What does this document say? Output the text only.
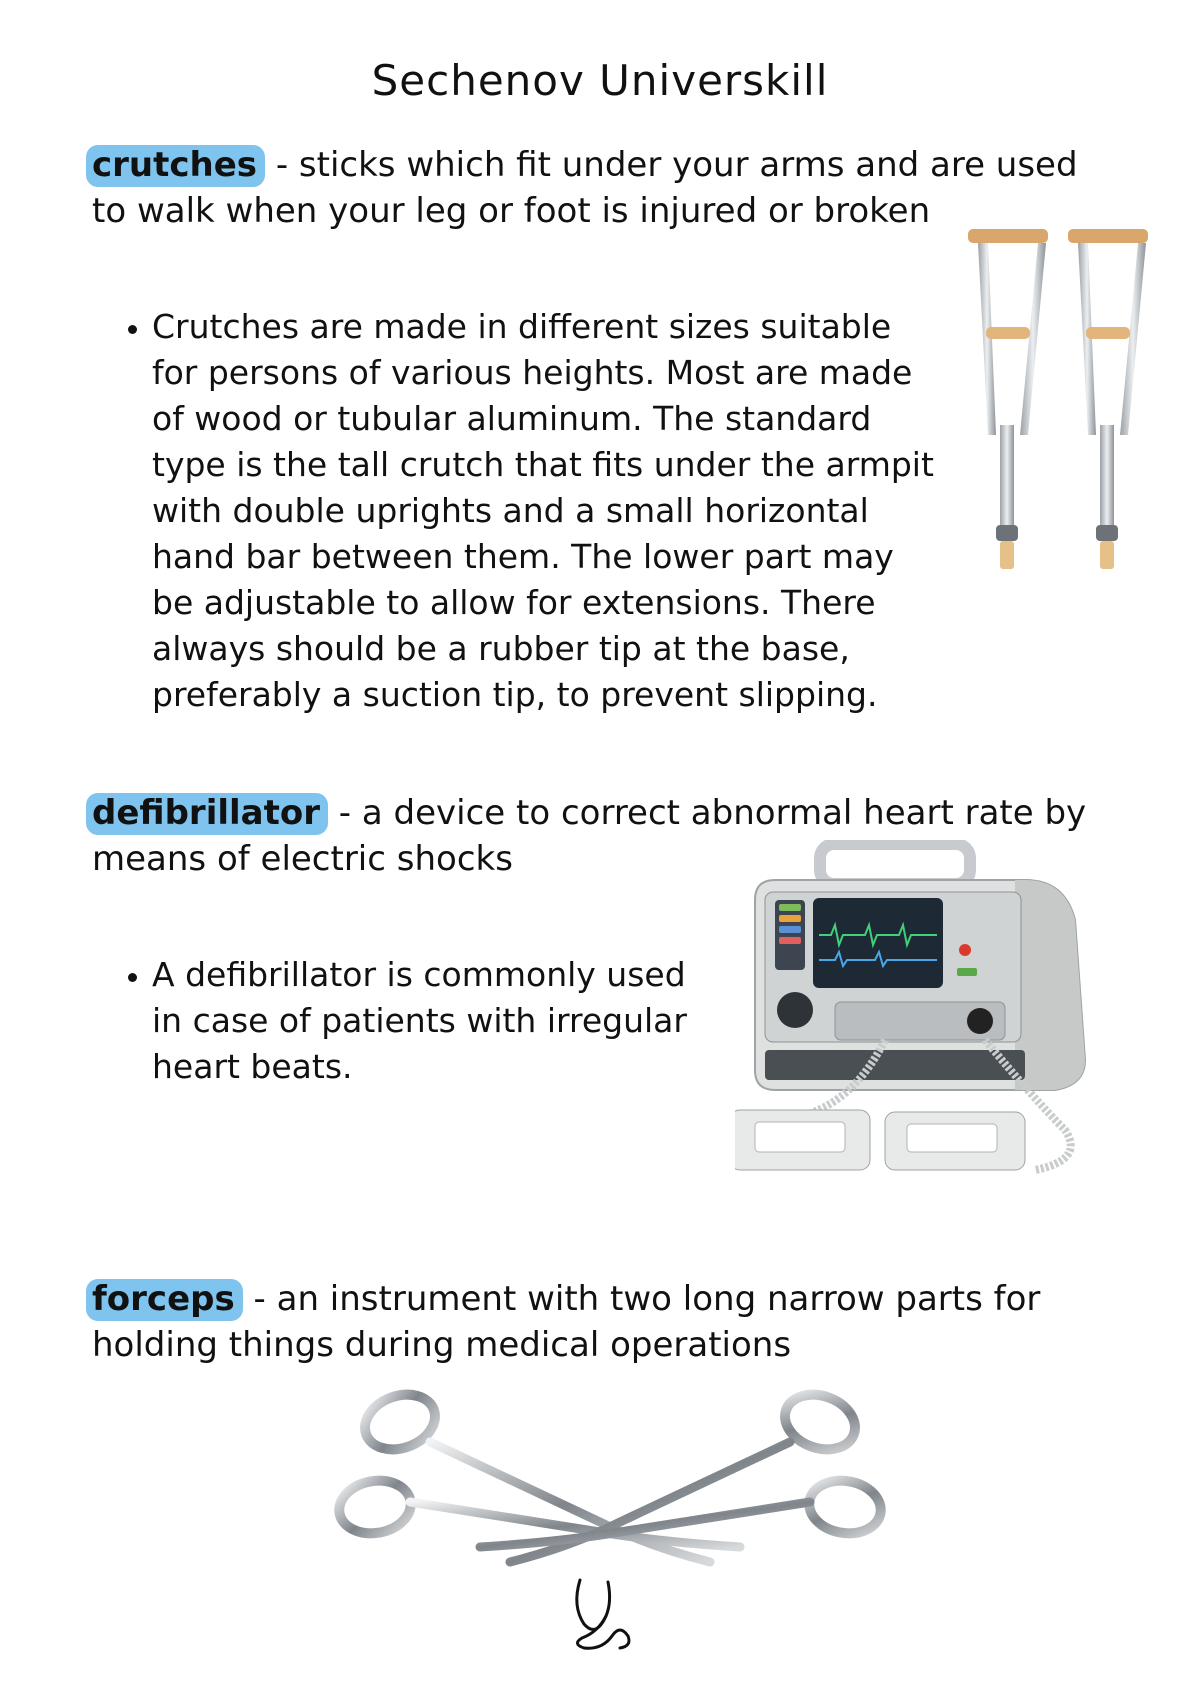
Sechenov Universkill
crutches - sticks which fit under your arms and are used to walk when your leg or foot is injured or broken
• Crutches are made in different sizes suitable for persons of various heights. Most are made of wood or tubular aluminum. The standard type is the tall crutch that fits under the armpit with double uprights and a small horizontal hand bar between them. The lower part may be adjustable to allow for extensions. There always should be a rubber tip at the base, preferably a suction tip, to prevent slipping.
defibrillator - a device to correct abnormal heart rate by means of electric shocks
• A defibrillator is commonly used in case of patients with irregular heart beats.
forceps - an instrument with two long narrow parts for holding things during medical operations
